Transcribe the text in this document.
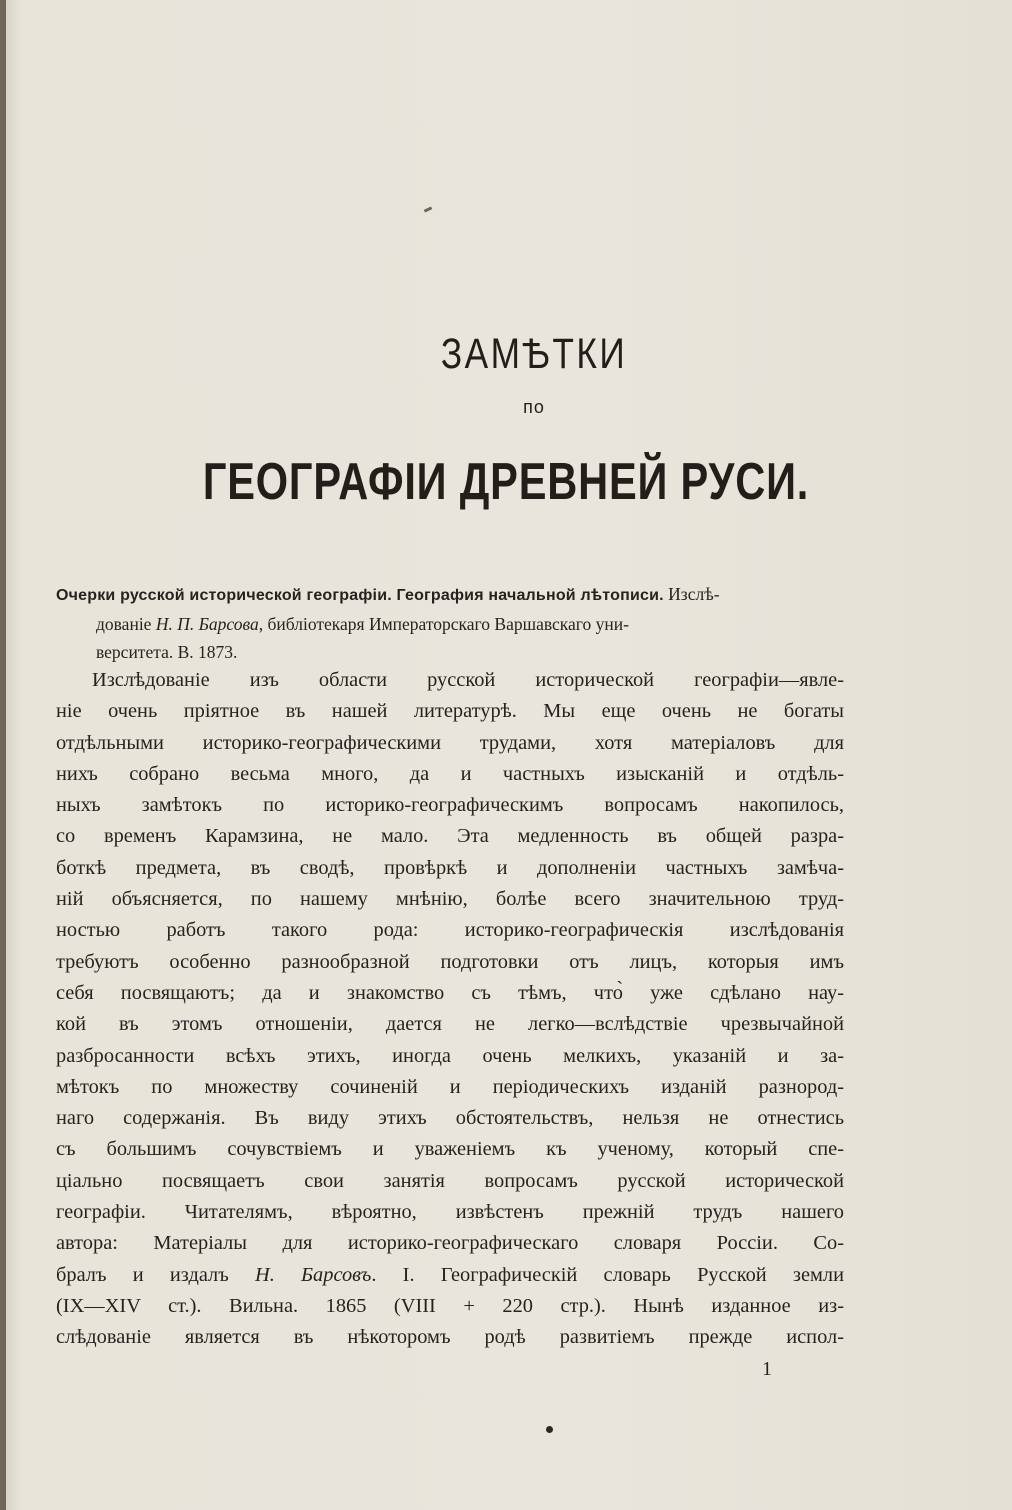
ЗАМѢТКИ
по
ГЕОГРАФІИ ДРЕВНЕЙ РУСИ.
Очерки русской исторической географіи. География начальной лѣтописи. Изслѣ-
дованіе Н. П. Барсова, библіотекаря Императорскаго Варшавскаго уни-
верситета. В. 1873.
Изслѣдованіе изъ области русской исторической географіи—явле-
ніе очень пріятное въ нашей литературѣ. Мы еще очень не богаты
отдѣльными историко-географическими трудами, хотя матеріаловъ для
нихъ собрано весьма много, да и частныхъ изысканій и отдѣль-
ныхъ замѣтокъ по историко-географическимъ вопросамъ накопилось,
со временъ Карамзина, не мало. Эта медленность въ общей разра-
боткѣ предмета, въ сводѣ, провѣркѣ и дополненіи частныхъ замѣча-
ній объясняется, по нашему мнѣнію, болѣе всего значительною труд-
ностью работъ такого рода: историко-географическія изслѣдованія
требуютъ особенно разнообразной подготовки отъ лицъ, которыя имъ
себя посвящаютъ; да и знакомство съ тѣмъ, что̀ уже сдѣлано нау-
кой въ этомъ отношеніи, дается не легко—вслѣдствіе чрезвычайной
разбросанности всѣхъ этихъ, иногда очень мелкихъ, указаній и за-
мѣтокъ по множеству сочиненій и періодическихъ изданій разнород-
наго содержанія. Въ виду этихъ обстоятельствъ, нельзя не отнестись
съ большимъ сочувствіемъ и уваженіемъ къ ученому, который спе-
ціально посвящаетъ свои занятія вопросамъ русской исторической
географіи. Читателямъ, вѣроятно, извѣстенъ прежній трудъ нашего
автора: Матеріалы для историко-географическаго словаря Россіи. Со-
бралъ и издалъ Н. Барсовъ. I. Географическій словарь Русской земли
(IX—XIV ст.). Вильна. 1865 (VIII + 220 стр.). Нынѣ изданное из-
слѣдованіе является въ нѣкоторомъ родѣ развитіемъ прежде испол-
1
